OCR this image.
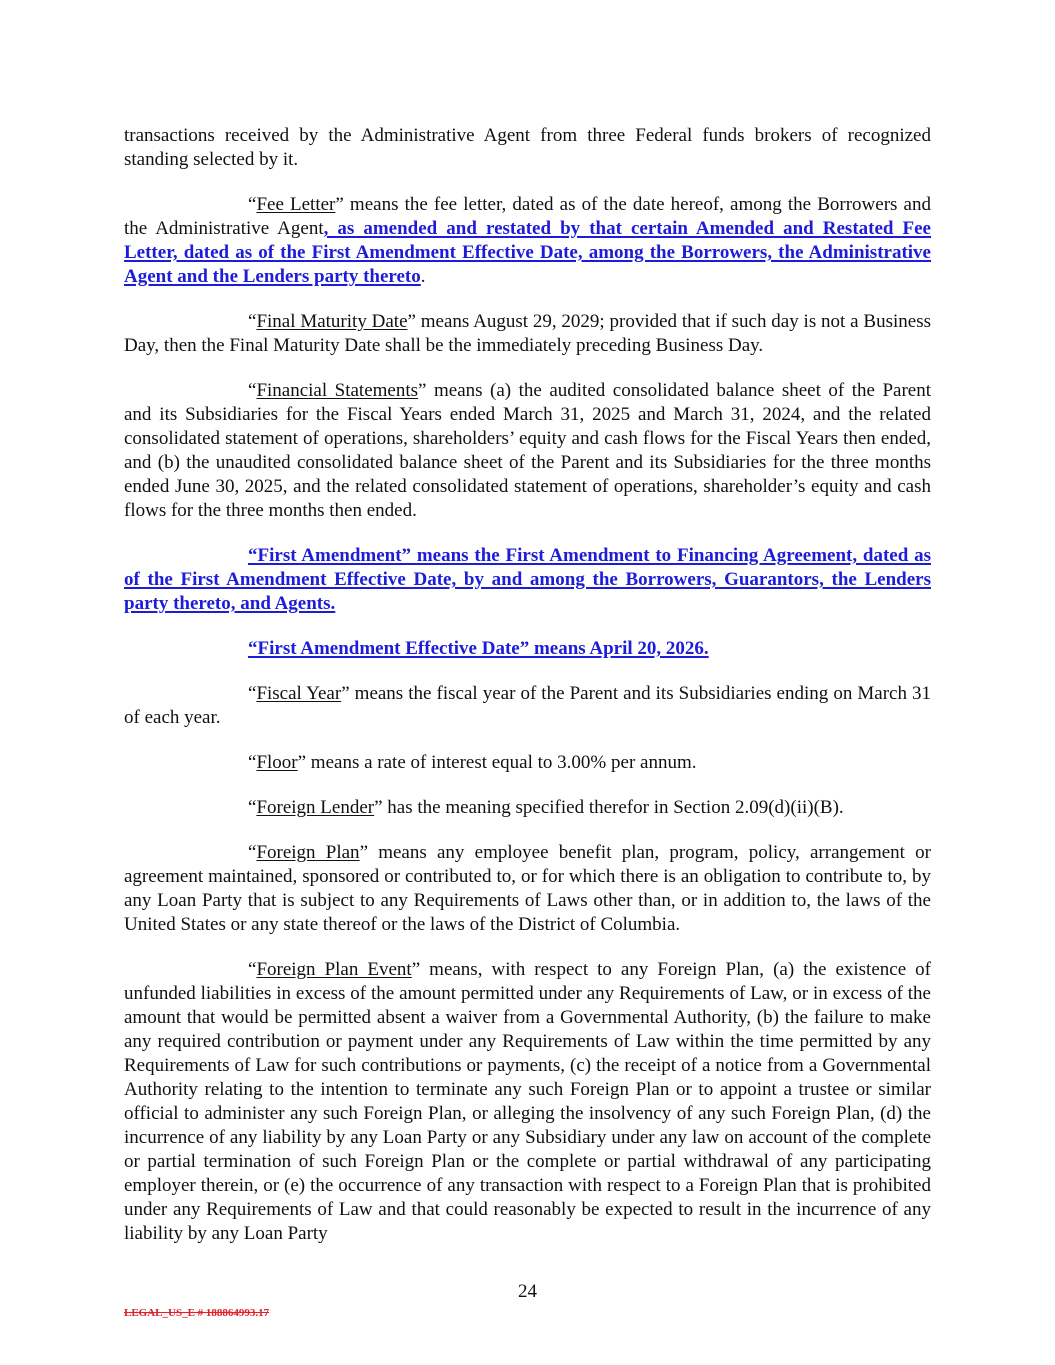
transactions received by the Administrative Agent from three Federal funds brokers of recognized standing selected by it.

“Fee Letter” means the fee letter, dated as of the date hereof, among the Borrowers and the Administrative Agent, as amended and restated by that certain Amended and Restated Fee Letter, dated as of the First Amendment Effective Date, among the Borrowers, the Administrative Agent and the Lenders party thereto.

“Final Maturity Date” means August 29, 2029; provided that if such day is not a Business Day, then the Final Maturity Date shall be the immediately preceding Business Day.

“Financial Statements” means (a) the audited consolidated balance sheet of the Parent and its Subsidiaries for the Fiscal Years ended March 31, 2025 and March 31, 2024, and the related consolidated statement of operations, shareholders’ equity and cash flows for the Fiscal Years then ended, and (b) the unaudited consolidated balance sheet of the Parent and its Subsidiaries for the three months ended June 30, 2025, and the related consolidated statement of operations, shareholder’s equity and cash flows for the three months then ended.

“First Amendment” means the First Amendment to Financing Agreement, dated as of the First Amendment Effective Date, by and among the Borrowers, Guarantors, the Lenders party thereto, and Agents.

“First Amendment Effective Date” means April 20, 2026.

“Fiscal Year” means the fiscal year of the Parent and its Subsidiaries ending on March 31 of each year.

“Floor” means a rate of interest equal to 3.00% per annum.

“Foreign Lender” has the meaning specified therefor in Section 2.09(d)(ii)(B).

“Foreign Plan” means any employee benefit plan, program, policy, arrangement or agreement maintained, sponsored or contributed to, or for which there is an obligation to contribute to, by any Loan Party that is subject to any Requirements of Laws other than, or in addition to, the laws of the United States or any state thereof or the laws of the District of Columbia.

“Foreign Plan Event” means, with respect to any Foreign Plan, (a) the existence of unfunded liabilities in excess of the amount permitted under any Requirements of Law, or in excess of the amount that would be permitted absent a waiver from a Governmental Authority, (b) the failure to make any required contribution or payment under any Requirements of Law within the time permitted by any Requirements of Law for such contributions or payments, (c) the receipt of a notice from a Governmental Authority relating to the intention to terminate any such Foreign Plan or to appoint a trustee or similar official to administer any such Foreign Plan, or alleging the insolvency of any such Foreign Plan, (d) the incurrence of any liability by any Loan Party or any Subsidiary under any law on account of the complete or partial termination of such Foreign Plan or the complete or partial withdrawal of any participating employer therein, or (e) the occurrence of any transaction with respect to a Foreign Plan that is prohibited under any Requirements of Law and that could reasonably be expected to result in the incurrence of any liability by any Loan Party

24
LEGAL_US_E # 188864993.17
